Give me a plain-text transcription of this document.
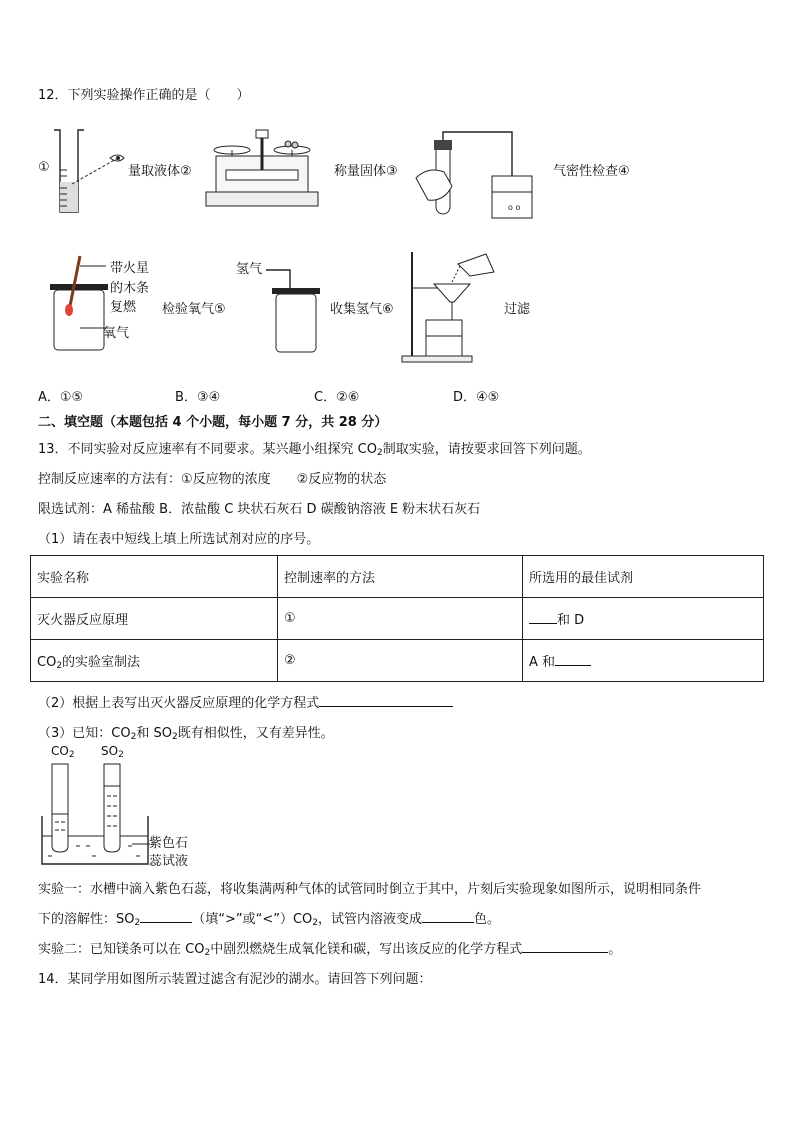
12．下列实验操作正确的是（　　）
①	量取液体②	称量固体③
o o
气密性检查④
带火星
的木条
复燃
氧气
检验氧气⑤
氢气
收集氢气⑥	过滤
A．①⑤	B．③④	C．②⑥	D．④⑤
二、填空题（本题包括 4 个小题，每小题 7 分，共 28 分）
13．不同实验对反应速率有不同要求。某兴趣小组探究 $CO_2$制取实验，请按要求回答下列问题。
控制反应速率的方法有：①反应物的浓度　　②反应物的状态
限选试剂：A 稀盐酸 B．浓盐酸 C 块状石灰石 D 碳酸钠溶液 E 粉末状石灰石
（1）请在表中短线上填上所选试剂对应的序号。
实验名称	控制速率的方法	所选用的最佳试剂
灭火器反应原理	①	和 D
$CO_2$的实验室制法	②	A 和
（2）根据上表写出灭火器反应原理的化学方程式
（3）已知：$CO_2$和 $SO_2$既有相似性，又有差异性。
$CO_2$ $SO_2$
紫色石
蕊试液
实验一：水槽中滴入紫色石蕊，将收集满两种气体的试管同时倒立于其中，片刻后实验现象如图所示，说明相同条件
下的溶解性：$SO_2$	（填“>”或“$<”)CO_2$，试管内溶液变成	色。
实验二：已知镁条可以在 $CO_2$中剧烈燃烧生成氧化镁和碳，写出该反应的化学方程式	。
14．某同学用如图所示装置过滤含有泥沙的湖水。请回答下列问题：
